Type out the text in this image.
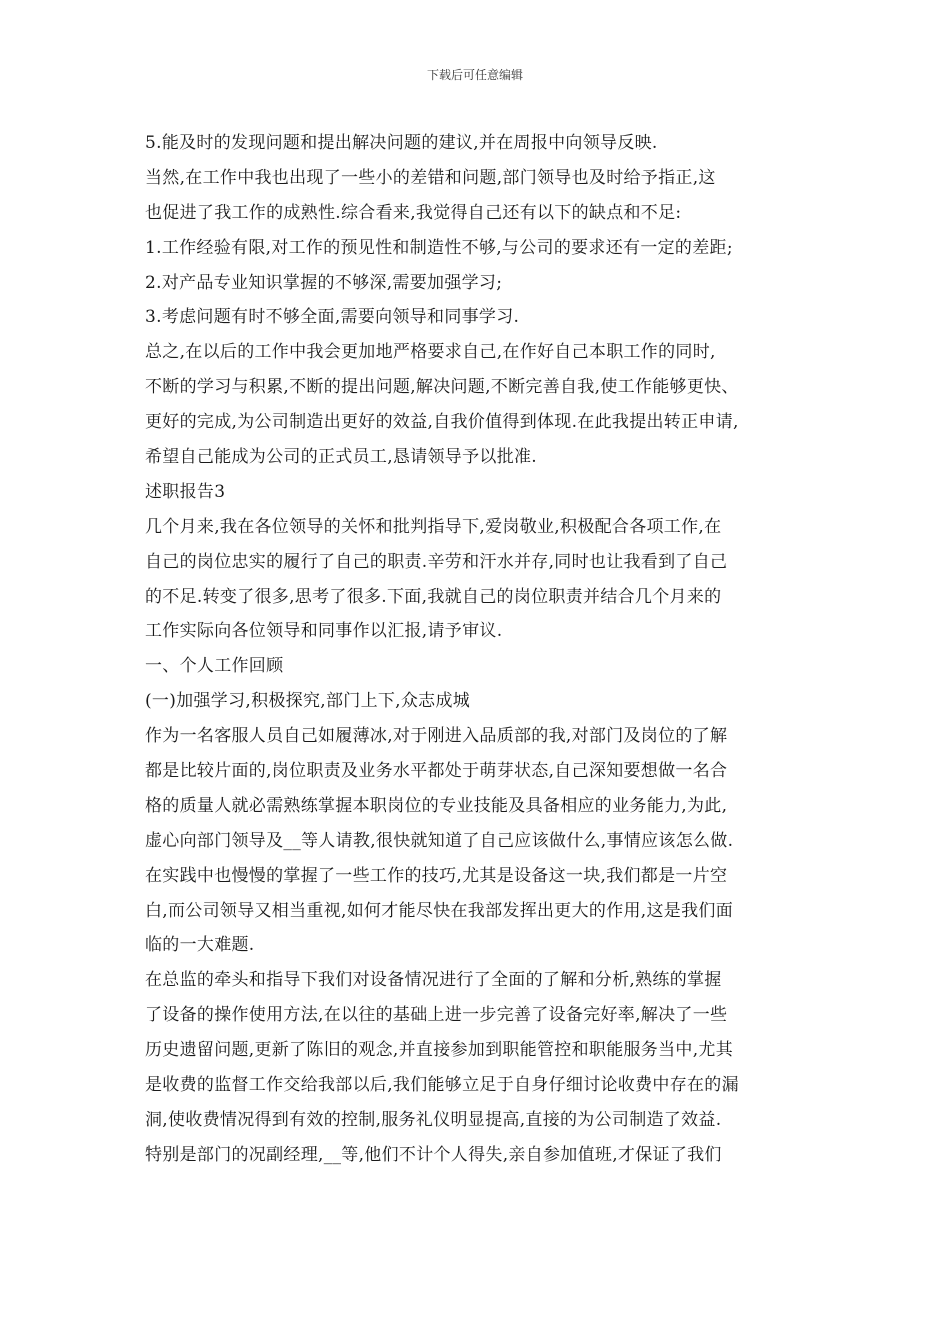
下载后可任意编辑
5.能及时的发现问题和提出解决问题的建议,并在周报中向领导反映.
当然,在工作中我也出现了一些小的差错和问题,部门领导也及时给予指正,这
也促进了我工作的成熟性.综合看来,我觉得自己还有以下的缺点和不足:
1.工作经验有限,对工作的预见性和制造性不够,与公司的要求还有一定的差距;
2.对产品专业知识掌握的不够深,需要加强学习;
3.考虑问题有时不够全面,需要向领导和同事学习.
总之,在以后的工作中我会更加地严格要求自己,在作好自己本职工作的同时,
不断的学习与积累,不断的提出问题,解决问题,不断完善自我,使工作能够更快、
更好的完成,为公司制造出更好的效益,自我价值得到体现.在此我提出转正申请,
希望自己能成为公司的正式员工,恳请领导予以批准.
述职报告3
几个月来,我在各位领导的关怀和批判指导下,爱岗敬业,积极配合各项工作,在
自己的岗位忠实的履行了自己的职责.辛劳和汗水并存,同时也让我看到了自己
的不足.转变了很多,思考了很多.下面,我就自己的岗位职责并结合几个月来的
工作实际向各位领导和同事作以汇报,请予审议.
一、个人工作回顾
(一)加强学习,积极探究,部门上下,众志成城
作为一名客服人员自己如履薄冰,对于刚进入品质部的我,对部门及岗位的了解
都是比较片面的,岗位职责及业务水平都处于萌芽状态,自己深知要想做一名合
格的质量人就必需熟练掌握本职岗位的专业技能及具备相应的业务能力,为此,
虚心向部门领导及__等人请教,很快就知道了自己应该做什么,事情应该怎么做.
在实践中也慢慢的掌握了一些工作的技巧,尤其是设备这一块,我们都是一片空
白,而公司领导又相当重视,如何才能尽快在我部发挥出更大的作用,这是我们面
临的一大难题.
在总监的牵头和指导下我们对设备情况进行了全面的了解和分析,熟练的掌握
了设备的操作使用方法,在以往的基础上进一步完善了设备完好率,解决了一些
历史遗留问题,更新了陈旧的观念,并直接参加到职能管控和职能服务当中,尤其
是收费的监督工作交给我部以后,我们能够立足于自身仔细讨论收费中存在的漏
洞,使收费情况得到有效的控制,服务礼仪明显提高,直接的为公司制造了效益.
特别是部门的况副经理,__等,他们不计个人得失,亲自参加值班,才保证了我们
